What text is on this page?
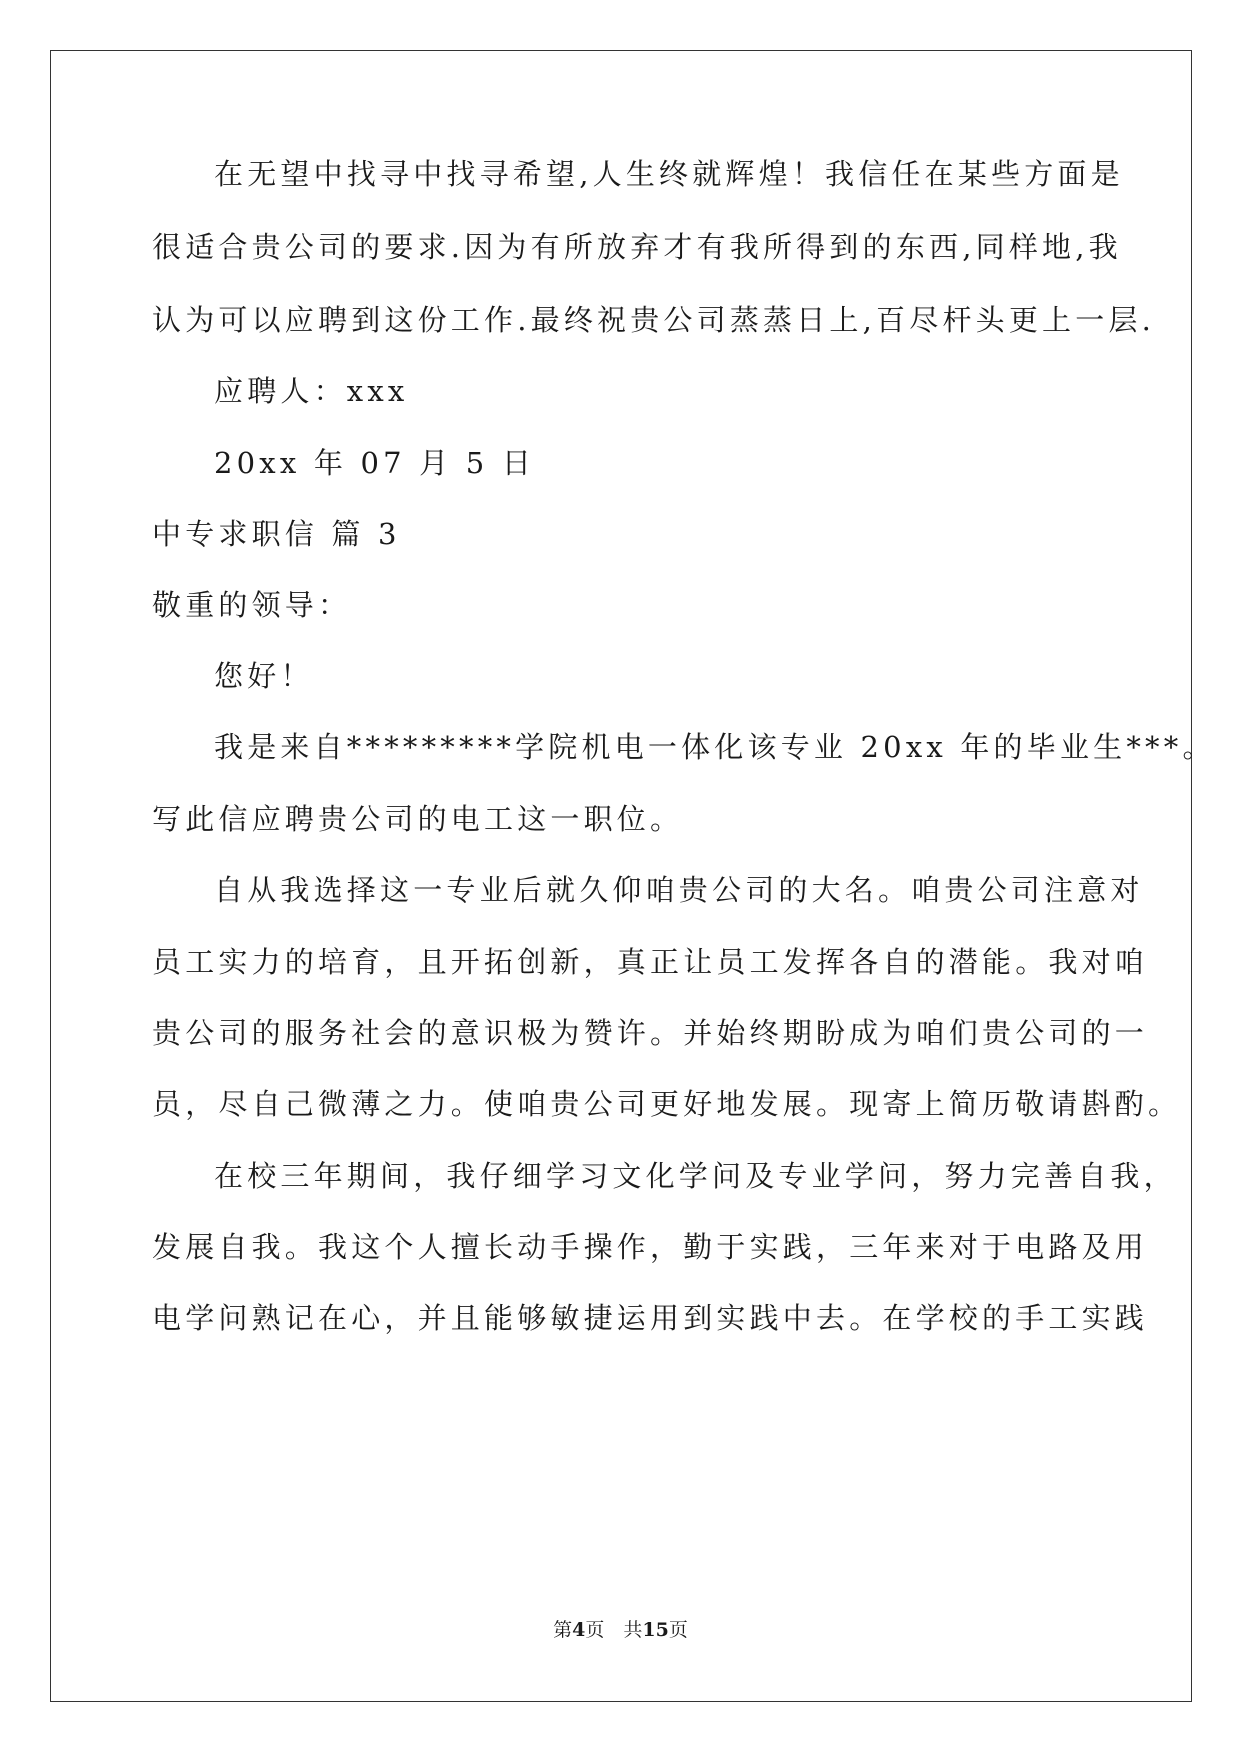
在无望中找寻中找寻希望,人生终就辉煌！我信任在某些方面是
很适合贵公司的要求.因为有所放弃才有我所得到的东西,同样地,我
认为可以应聘到这份工作.最终祝贵公司蒸蒸日上,百尽杆头更上一层.
应聘人：xxx
20xx 年 07 月 5 日
中专求职信 篇 3
敬重的领导：
您好！
我是来自*********学院机电一体化该专业 20xx 年的毕业生***。
写此信应聘贵公司的电工这一职位。
自从我选择这一专业后就久仰咱贵公司的大名。咱贵公司注意对
员工实力的培育，且开拓创新，真正让员工发挥各自的潜能。我对咱
贵公司的服务社会的意识极为赞许。并始终期盼成为咱们贵公司的一
员，尽自己微薄之力。使咱贵公司更好地发展。现寄上简历敬请斟酌。
在校三年期间，我仔细学习文化学问及专业学问，努力完善自我，
发展自我。我这个人擅长动手操作，勤于实践，三年来对于电路及用
电学问熟记在心，并且能够敏捷运用到实践中去。在学校的手工实践
第4页　共15页
